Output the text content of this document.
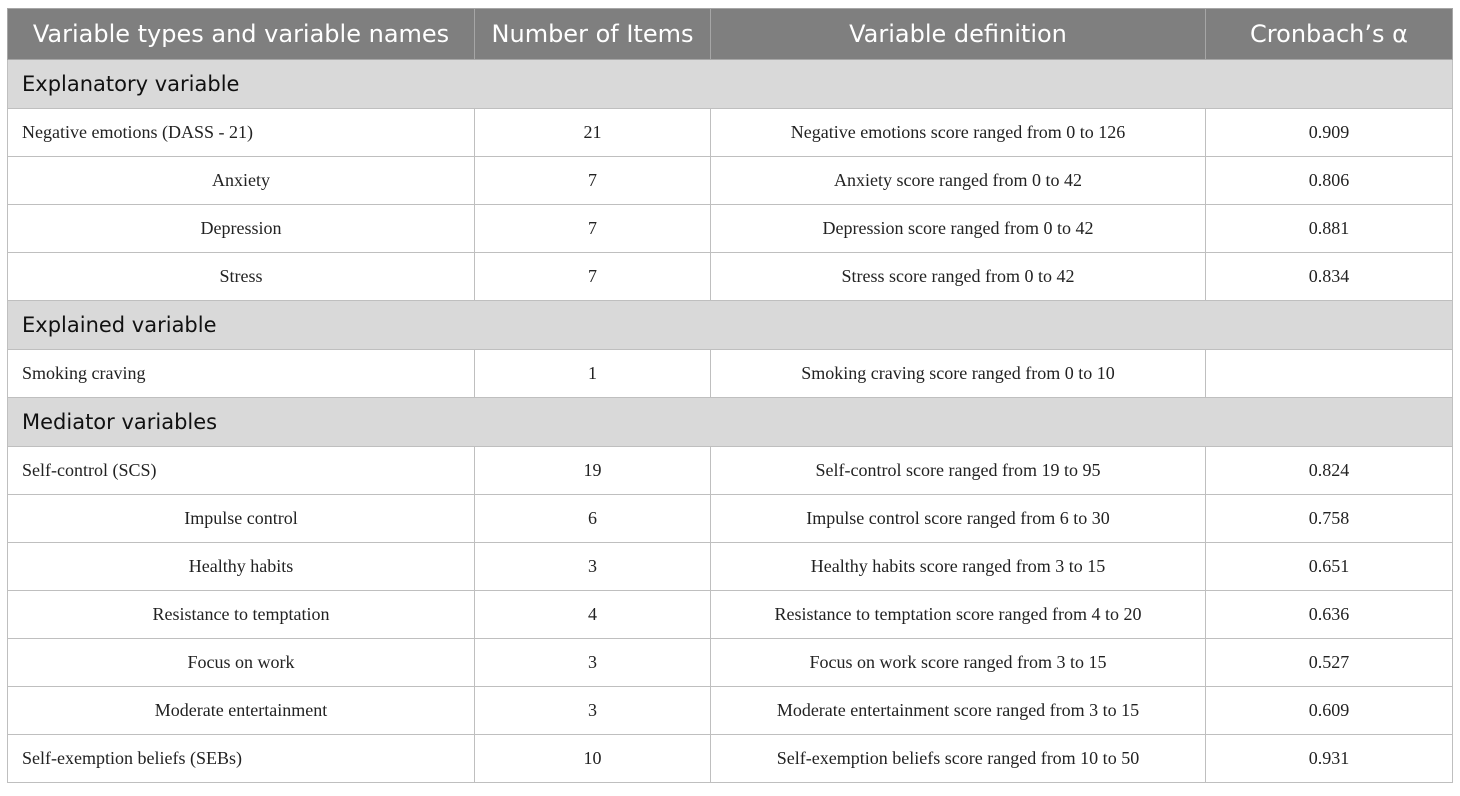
Variable types and variable names	Number of Items	Variable definition	Cronbach’s α
Explanatory variable			
Negative emotions (DASS - 21)	21	Negative emotions score ranged from 0 to 126	0.909
Anxiety	7	Anxiety score ranged from 0 to 42	0.806
Depression	7	Depression score ranged from 0 to 42	0.881
Stress	7	Stress score ranged from 0 to 42	0.834
Explained variable			
Smoking craving	1	Smoking craving score ranged from 0 to 10	
Mediator variables			
Self-control (SCS)	19	Self-control score ranged from 19 to 95	0.824
Impulse control	6	Impulse control score ranged from 6 to 30	0.758
Healthy habits	3	Healthy habits score ranged from 3 to 15	0.651
Resistance to temptation	4	Resistance to temptation score ranged from 4 to 20	0.636
Focus on work	3	Focus on work score ranged from 3 to 15	0.527
Moderate entertainment	3	Moderate entertainment score ranged from 3 to 15	0.609
Self-exemption beliefs (SEBs)	10	Self-exemption beliefs score ranged from 10 to 50	0.931
